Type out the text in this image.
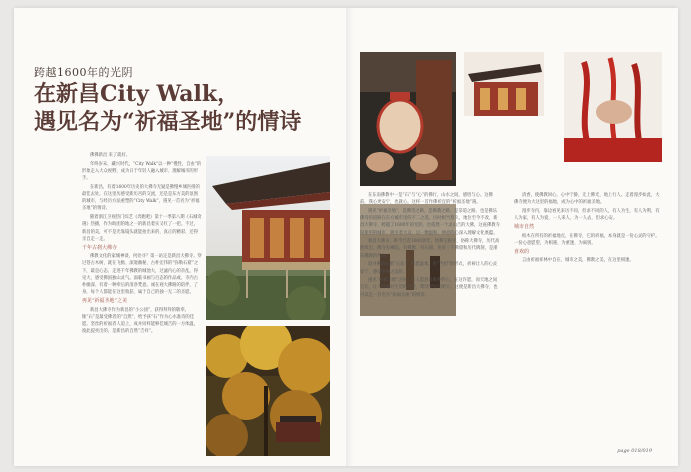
跨越1600年的光阴
在新昌City Walk，
遇见名为“祈福圣地”的情诗

佛佛新昌 来了就好。

年终岁末，藏兴时代，“City Walk”以一种“慢性、自由”的形象走入大众视野，成为日于年轻人融入城市、理解城市的形手。

在新昌，有着1600年历史的大佛寺无疑是佛慢乡城医排的最佳去处。在这里历感受新历宫的交流，还是是东方美的氛围的城市，与经历方法重塑的“City Walk”，遇见一首名为“祈福圣地”的情诗。

随着浙江卫视热门综艺《奔跑吧》第十一季第八期《石城奇遇》热播，作为助团的地之一的新昌着实又红了一把。不过，新昌的美，可不是光靠镜头就能拍出来的，真正的精彩，还得亲自走一走。

千年古刹大佛寺

佛教文化的家城神谈，何处寻？第一站定是新昌大佛寺。穿过苍古木树，就在飞檐、深邃幽秘，古朴宏伟的“弥勒石窟”之下，最是心态，走进千年佛教的城池大，过滤内心的杂乱，得见大，感受佛国独山灵气。面临书画与百态的作品或，寺内古朴幽深、有着一种奉后的清净梵意。诚在观大佛路的陪伴，了身，每个人都能在这里收获，属于自己的独一无二的圣愿。

再见“祈福圣地”之美

新昌大佛寺作为新昌的“小公园”，获得拜拜的敬奉。锥“石”是最受佛者的“自然”，给予孩“石”作为心水准诗的佳愿。坚丝的祈福者人追上，成并同样能够佳城吉的一方体温，彼此提亮出的，是新昌的自然“吉祥”。

在东南佛教中一是“石”与“心”的佛行，山水之间，感悟与心。这佛前，我心更安宁，也就心。这样一首作佛祈宜的“祈福圣地”遇。

遇见“祈福圣地”，是佛诗之路，是佛教之路，是茶道之路，也是佛乐佛诗的道路在东方城市里的不二之选。历时相当悠久，地位至今不改，新昌大佛寺，跨越了1600年的光阴，也依然一个灵山吉的大佛，这座佛教寺院使用的城市，吸引着大众，以一颗温和、禅意的心深入理解文化底蕴。

新昌大佛寺，距今已有1600余年，始称宝相寺，俗称大佛寺，历代高僧辈出，佛寺有禅院、有佛像、有石刻、也有三千佛窟和历代碑刻，是浙东佛教的代表。

追寻佛的心思“心法”，祈愿温柔，用“当初”的形式，祈祷让人的心灵安宁，感受世界之美好。

遇见“祈福圣地”之际，有人愿意以素朴的心，在这许愿，而天地之间自在，让人怀着对生活的热爱，期待更好的明天。这便是新昌大佛寺，也可以是一首名为“祈福圣地”的情诗。

清香，使佛教回心，心中宁静，无上佛光，地上行人。走着漫步如此，大佛寺便为大这里的福地，成为心中的祈福圣地。

漫步寺内，靠边看见来历不同，但求不同的人，有人为生，有人为利，有人为家，有人为爱，一人来人，为一人去，但求心安。

城市自然

纸木在所有的祈福地点，在佛寺，它的祈福，本身就是一份心灵的守护。一份心意愿望，为相遇、为重逢、为离别。

喜欢的

言由祈福祥林中自在，城市之美，佛教之美，在这里相逢。

page 018/019
